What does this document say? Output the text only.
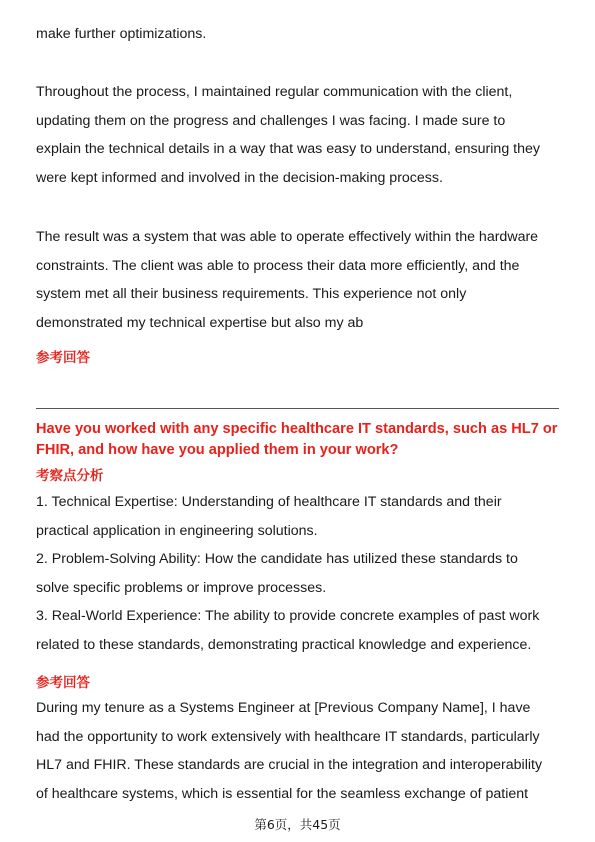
make further optimizations.
Throughout the process, I maintained regular communication with the client,
updating them on the progress and challenges I was facing. I made sure to
explain the technical details in a way that was easy to understand, ensuring they
were kept informed and involved in the decision-making process.
The result was a system that was able to operate effectively within the hardware
constraints. The client was able to process their data more efficiently, and the
system met all their business requirements. This experience not only
demonstrated my technical expertise but also my ab
参考回答
Have you worked with any specific healthcare IT standards, such as HL7 or
FHIR, and how have you applied them in your work?
考察点分析
1. Technical Expertise: Understanding of healthcare IT standards and their
practical application in engineering solutions.
2. Problem-Solving Ability: How the candidate has utilized these standards to
solve specific problems or improve processes.
3. Real-World Experience: The ability to provide concrete examples of past work
related to these standards, demonstrating practical knowledge and experience.
参考回答
During my tenure as a Systems Engineer at [Previous Company Name], I have
had the opportunity to work extensively with healthcare IT standards, particularly
HL7 and FHIR. These standards are crucial in the integration and interoperability
of healthcare systems, which is essential for the seamless exchange of patient
第6页，共45页
